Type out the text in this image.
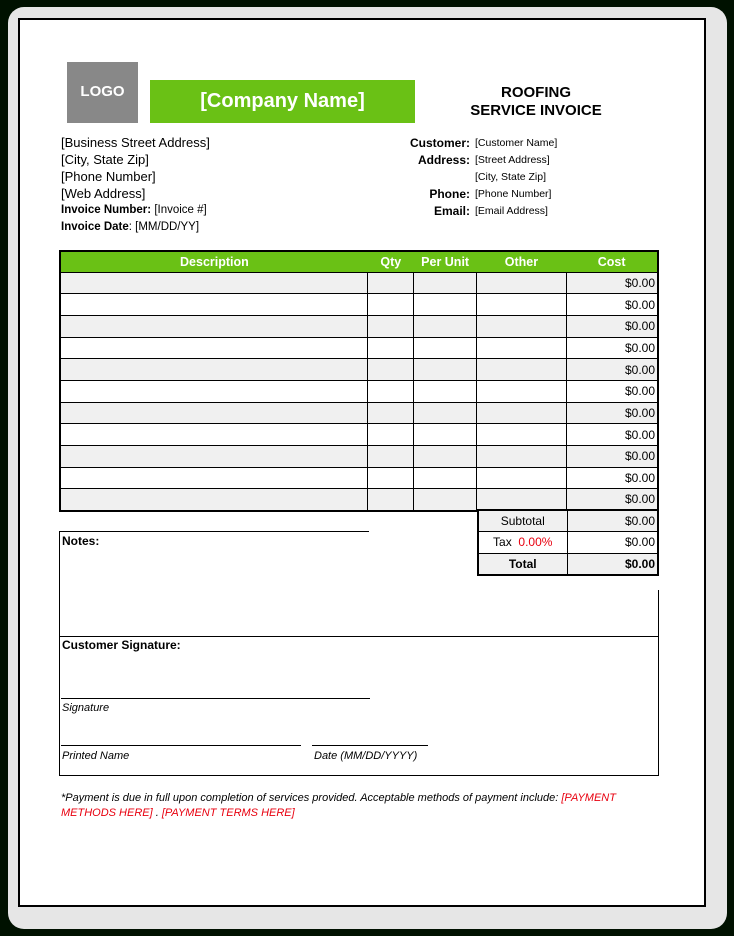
LOGO	[Company Name]	ROOFING
SERVICE INVOICE
[Business Street Address]
[City, State Zip]
[Phone Number]
[Web Address]
Invoice Number: [Invoice #]
Invoice Date: [MM/DD/YY]
Customer: [Customer Name]
Address: [Street Address]
[City, State Zip]
Phone: [Phone Number]
Email: [Email Address]
Description	Qty	Per Unit	Other	Cost
				$0.00
				$0.00
				$0.00
				$0.00
				$0.00
				$0.00
				$0.00
				$0.00
				$0.00
				$0.00
				$0.00
Subtotal	$0.00
Tax 0.00%	$0.00
Total	$0.00
Notes:
Customer Signature:
Signature
Printed Name	Date (MM/DD/YYYY)
*Payment is due in full upon completion of services provided. Acceptable methods of payment include: [PAYMENT METHODS HERE] . [PAYMENT TERMS HERE]
